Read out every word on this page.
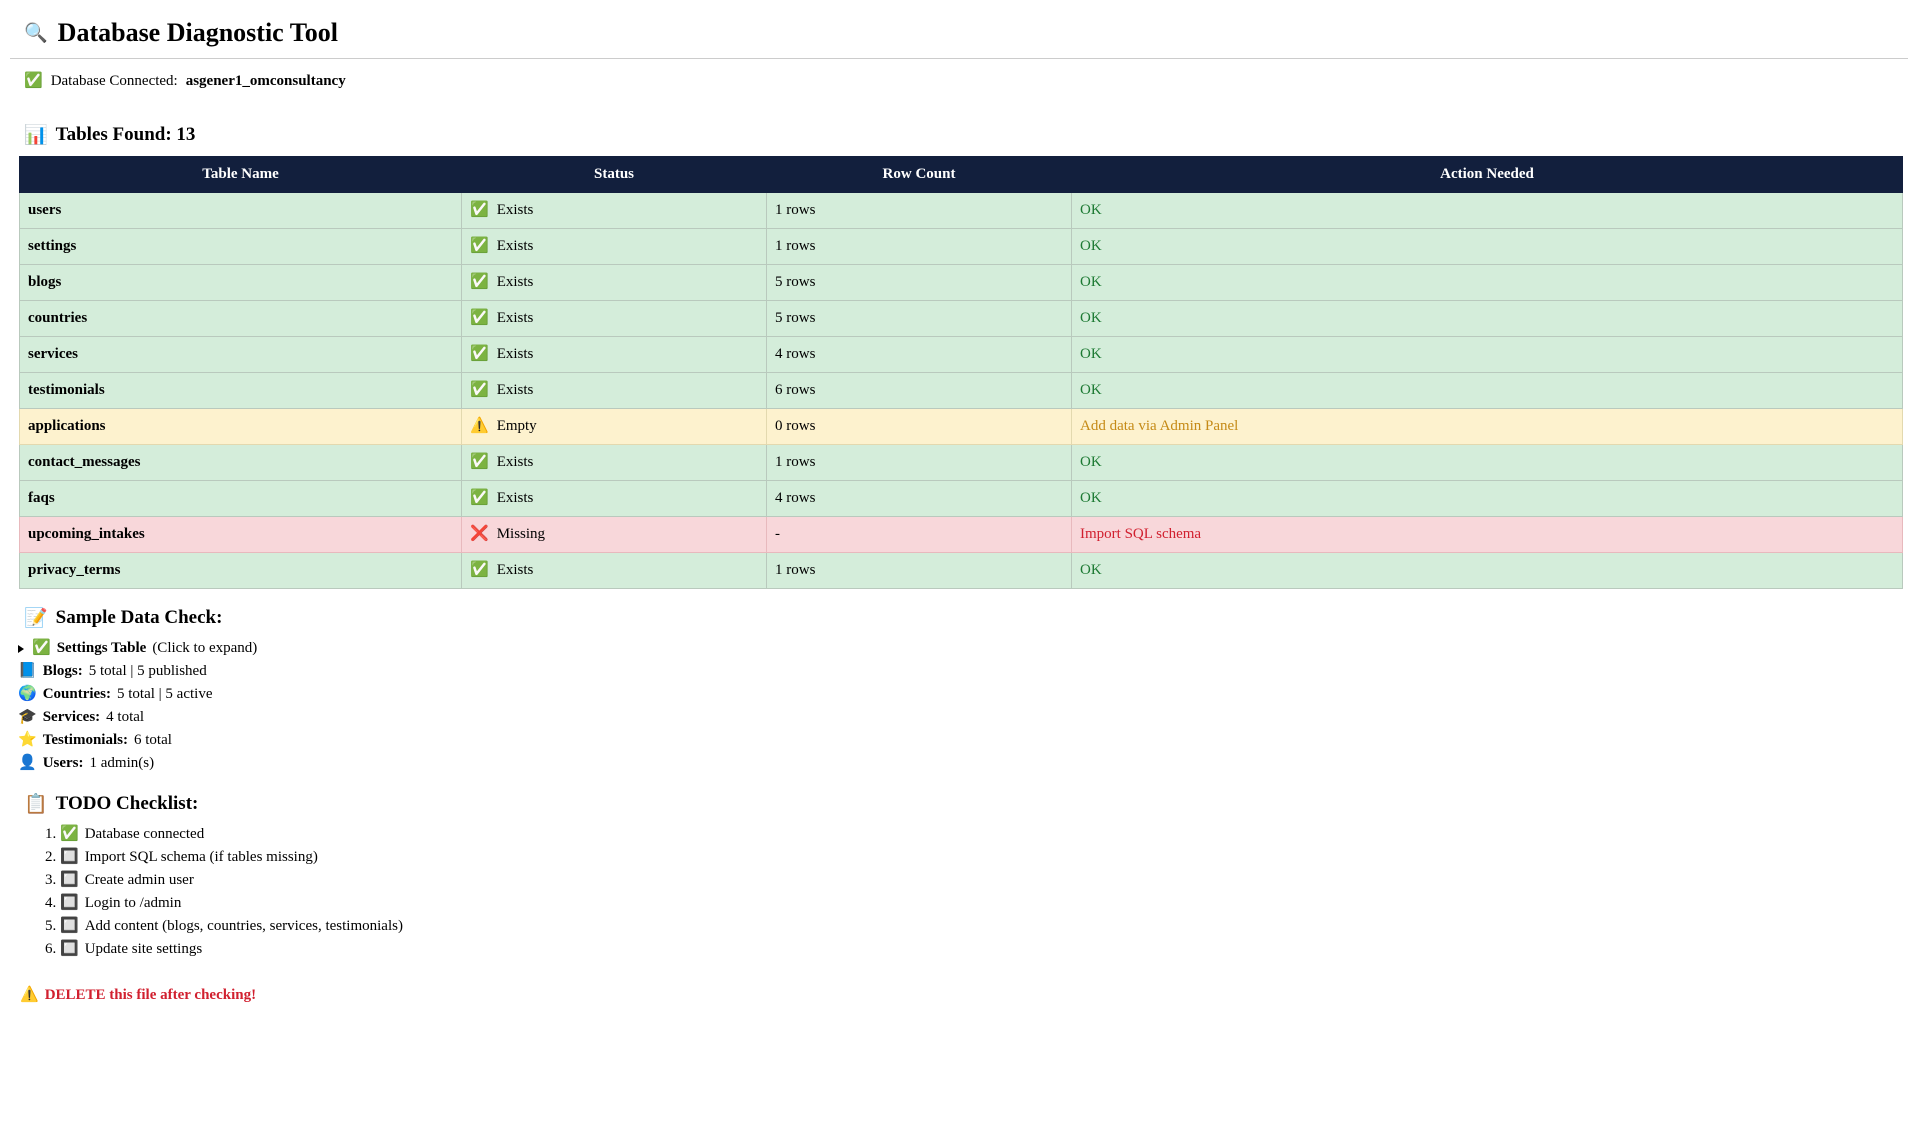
🔍 Database Diagnostic Tool
✅ Database Connected: asgener1_omconsultancy
📊 Tables Found: 13
Table Name	Status	Row Count	Action Needed
users	✅ Exists	1 rows	OK
settings	✅ Exists	1 rows	OK
blogs	✅ Exists	5 rows	OK
countries	✅ Exists	5 rows	OK
services	✅ Exists	4 rows	OK
testimonials	✅ Exists	6 rows	OK
applications	⚠️ Empty	0 rows	Add data via Admin Panel
contact_messages	✅ Exists	1 rows	OK
faqs	✅ Exists	4 rows	OK
upcoming_intakes	❌ Missing	-	Import SQL schema
privacy_terms	✅ Exists	1 rows	OK
📝 Sample Data Check:
✅ Settings Table (Click to expand)
📘 Blogs: 5 total | 5 published
🌍 Countries: 5 total | 5 active
🎓 Services: 4 total
⭐ Testimonials: 6 total
👤 Users: 1 admin(s)
📋 TODO Checklist:
1. ✅ Database connected
2. 🔲 Import SQL schema (if tables missing)
3. 🔲 Create admin user
4. 🔲 Login to /admin
5. 🔲 Add content (blogs, countries, services, testimonials)
6. 🔲 Update site settings
⚠️ DELETE this file after checking!
